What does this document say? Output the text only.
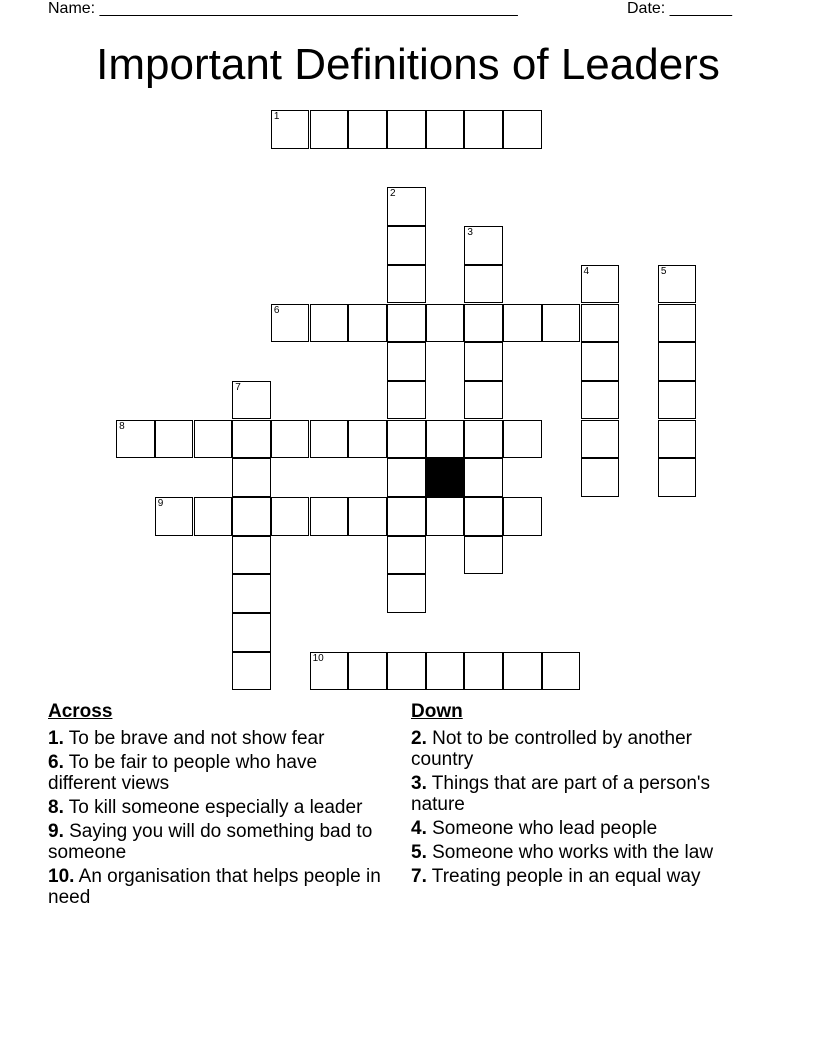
Name: _______________________________________________	Date: _______
Important Definitions of Leaders
1
2
3
4	5
6
7
8
9
10
Across
1. To be brave and not show fear
6. To be fair to people who have different views
8. To kill someone especially a leader
9. Saying you will do something bad to someone
10. An organisation that helps people in need
Down
2. Not to be controlled by another country
3. Things that are part of a person's nature
4. Someone who lead people
5. Someone who works with the law
7. Treating people in an equal way
